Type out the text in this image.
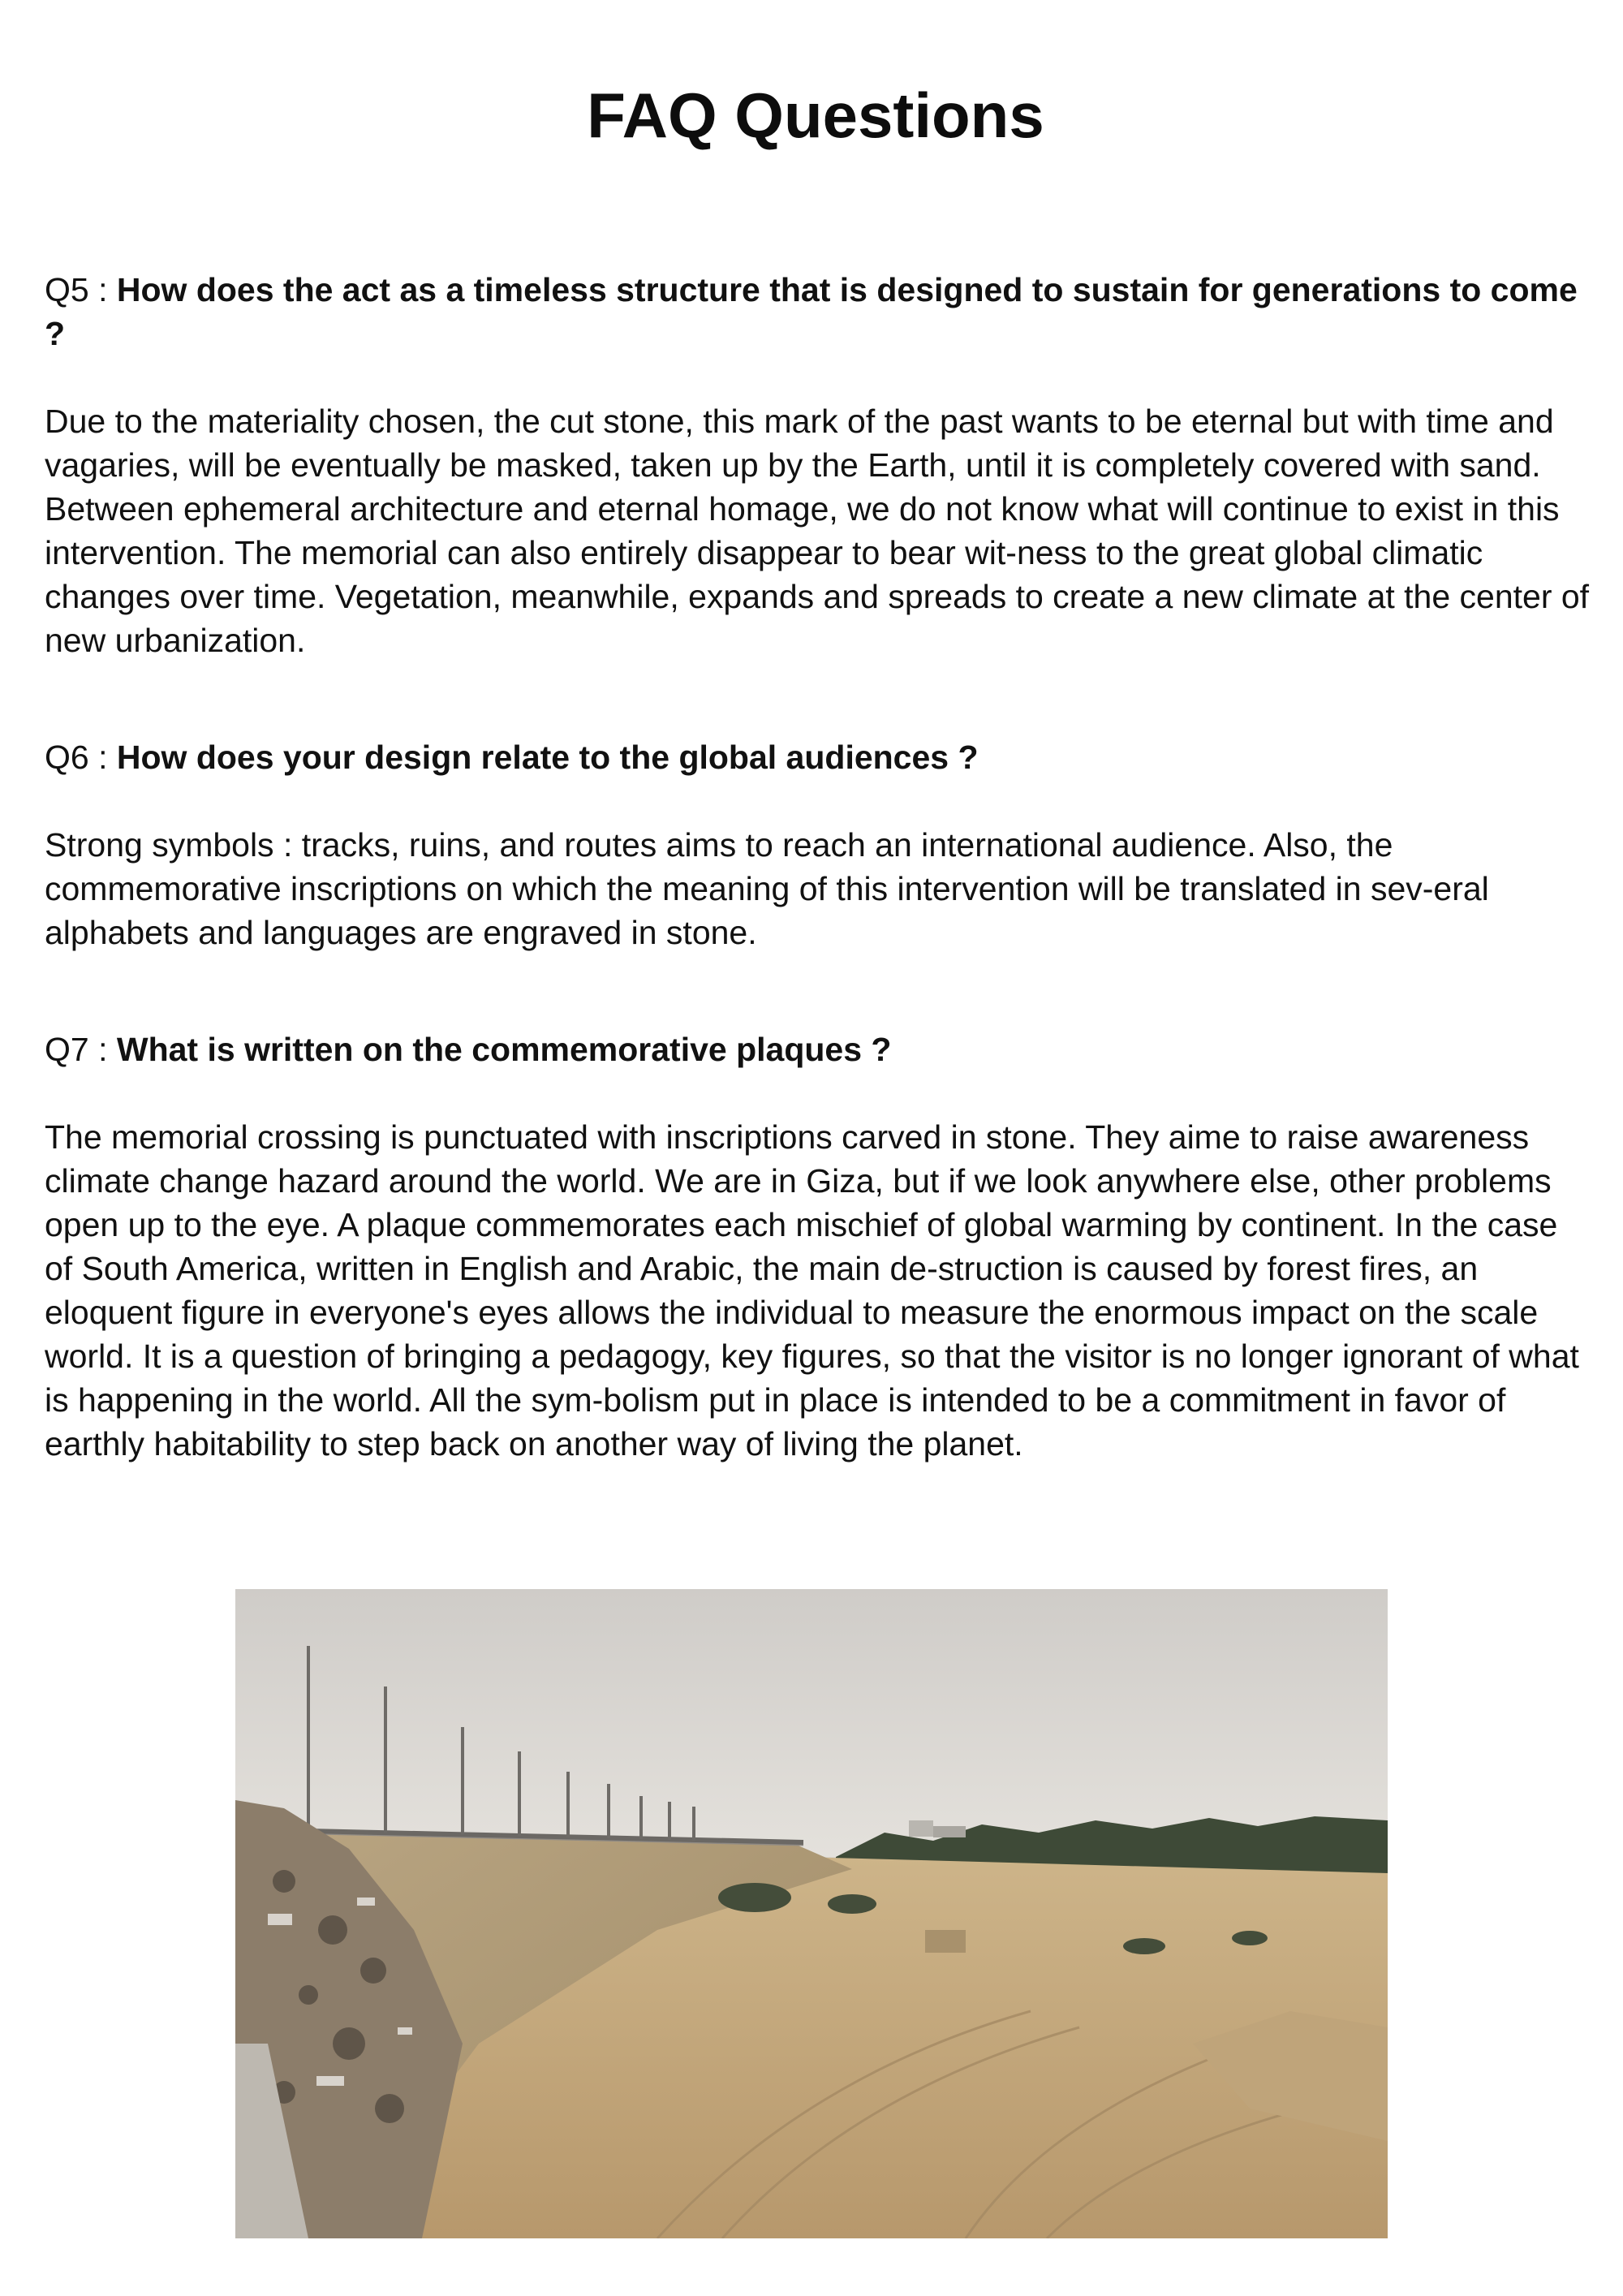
FAQ Questions

Q5 : How does the act as a timeless structure that is designed to sustain for generations to come ?

Due to the materiality chosen, the cut stone, this mark of the past wants to be eternal but with time and vagaries, will be eventually be masked, taken up by the Earth, until it is completely covered with sand. Between ephemeral architecture and eternal homage, we do not know what will continue to exist in this intervention. The memorial can also entirely disappear to bear wit-ness to the great global climatic changes over time. Vegetation, meanwhile, expands and spreads to create a new climate at the center of new urbanization.

Q6 : How does your design relate to the global audiences ?

Strong symbols : tracks, ruins, and routes aims to reach an international audience. Also, the commemorative inscriptions on which the meaning of this intervention will be translated in sev-eral alphabets and languages are engraved in stone.

Q7 : What is written on the commemorative plaques ?

The memorial crossing is punctuated with inscriptions carved in stone. They aime to raise awareness climate change hazard around the world. We are in Giza, but if we look anywhere else, other problems open up to the eye. A plaque commemorates each mischief of global warming by continent. In the case of South America, written in English and Arabic, the main de-struction is caused by forest fires, an eloquent figure in everyone's eyes allows the individual to measure the enormous impact on the scale world. It is a question of bringing a pedagogy, key figures, so that the visitor is no longer ignorant of what is happening in the world. All the sym-bolism put in place is intended to be a commitment in favor of earthly habitability to step back on another way of living the planet.
